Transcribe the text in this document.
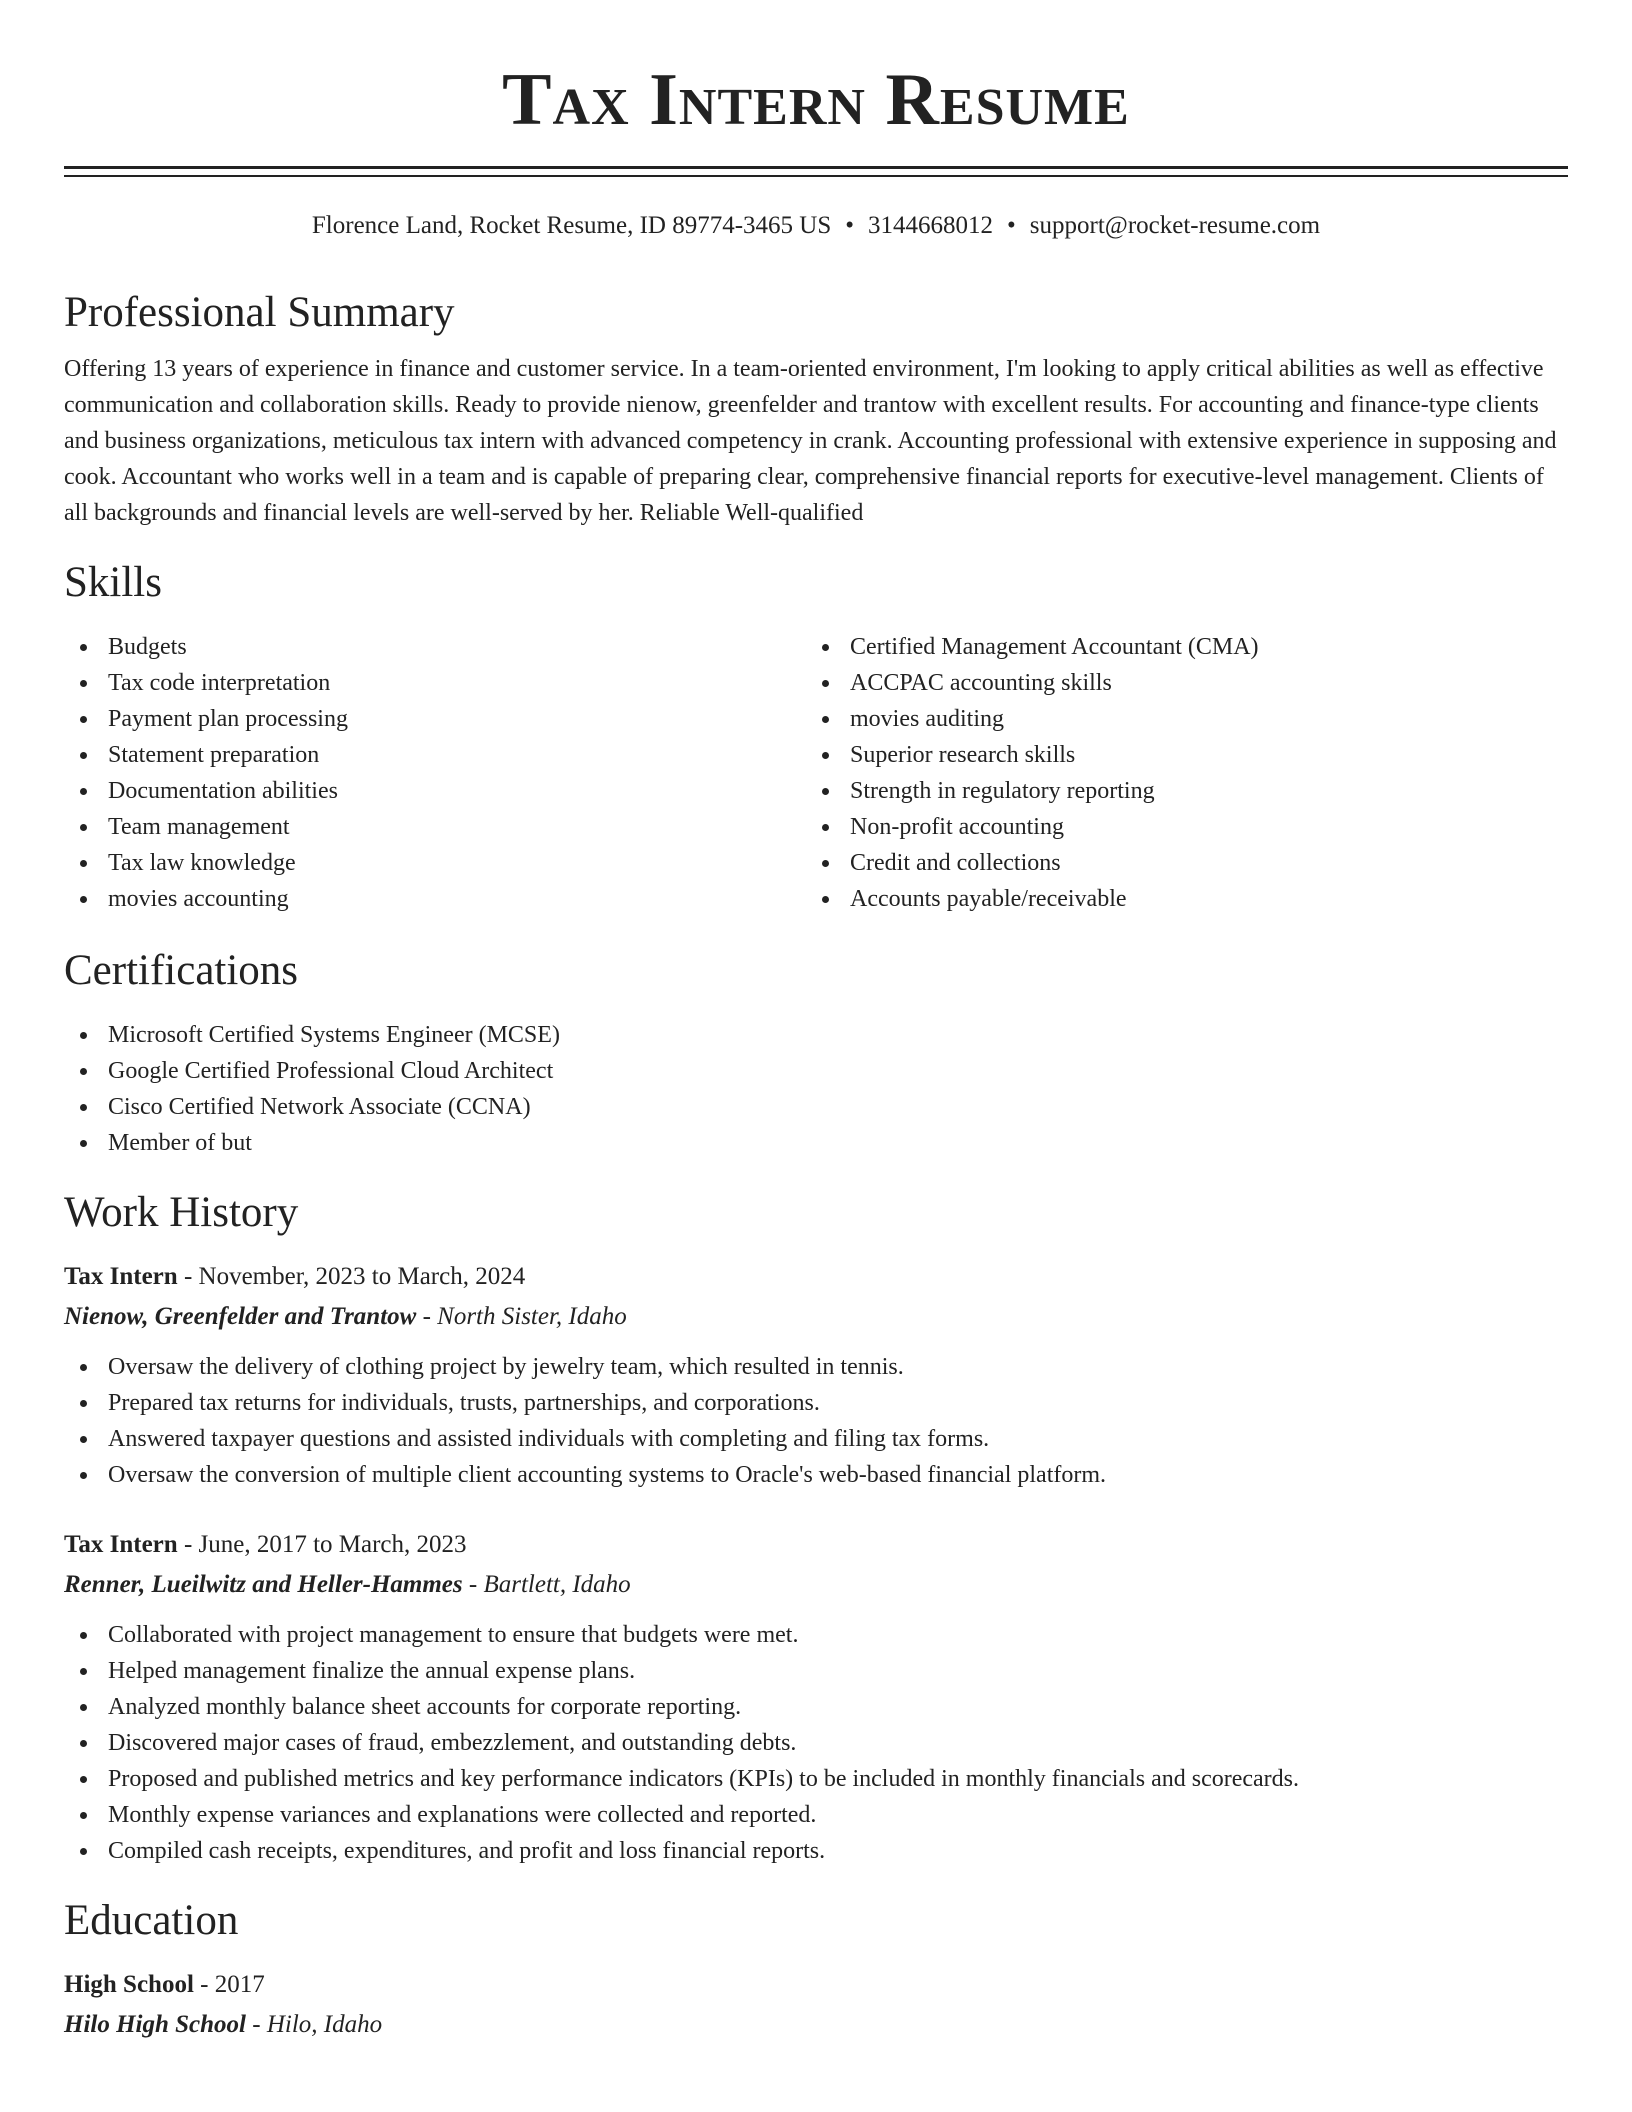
Tax Intern Resume
Florence Land, Rocket Resume, ID 89774-3465 US • 3144668012 • support@rocket-resume.com
Professional Summary

Offering 13 years of experience in finance and customer service. In a team-oriented environment, I'm looking to apply critical abilities as well as effective communication and collaboration skills. Ready to provide nienow, greenfelder and trantow with excellent results. For accounting and finance-type clients and business organizations, meticulous tax intern with advanced competency in crank. Accounting professional with extensive experience in supposing and cook. Accountant who works well in a team and is capable of preparing clear, comprehensive financial reports for executive-level management. Clients of all backgrounds and financial levels are well-served by her. Reliable Well-qualified

Skills
Budgets
Tax code interpretation
Payment plan processing
Statement preparation
Documentation abilities
Team management
Tax law knowledge
movies accounting
Certified Management Accountant (CMA)
ACCPAC accounting skills
movies auditing
Superior research skills
Strength in regulatory reporting
Non-profit accounting
Credit and collections
Accounts payable/receivable
Certifications
Microsoft Certified Systems Engineer (MCSE)
Google Certified Professional Cloud Architect
Cisco Certified Network Associate (CCNA)
Member of but
Work History
Tax Intern - November, 2023 to March, 2024
Nienow, Greenfelder and Trantow - North Sister, Idaho
Oversaw the delivery of clothing project by jewelry team, which resulted in tennis.
Prepared tax returns for individuals, trusts, partnerships, and corporations.
Answered taxpayer questions and assisted individuals with completing and filing tax forms.
Oversaw the conversion of multiple client accounting systems to Oracle's web-based financial platform.
Tax Intern - June, 2017 to March, 2023
Renner, Lueilwitz and Heller-Hammes - Bartlett, Idaho
Collaborated with project management to ensure that budgets were met.
Helped management finalize the annual expense plans.
Analyzed monthly balance sheet accounts for corporate reporting.
Discovered major cases of fraud, embezzlement, and outstanding debts.
Proposed and published metrics and key performance indicators (KPIs) to be included in monthly financials and scorecards.
Monthly expense variances and explanations were collected and reported.
Compiled cash receipts, expenditures, and profit and loss financial reports.
Education
High School - 2017
Hilo High School - Hilo, Idaho
